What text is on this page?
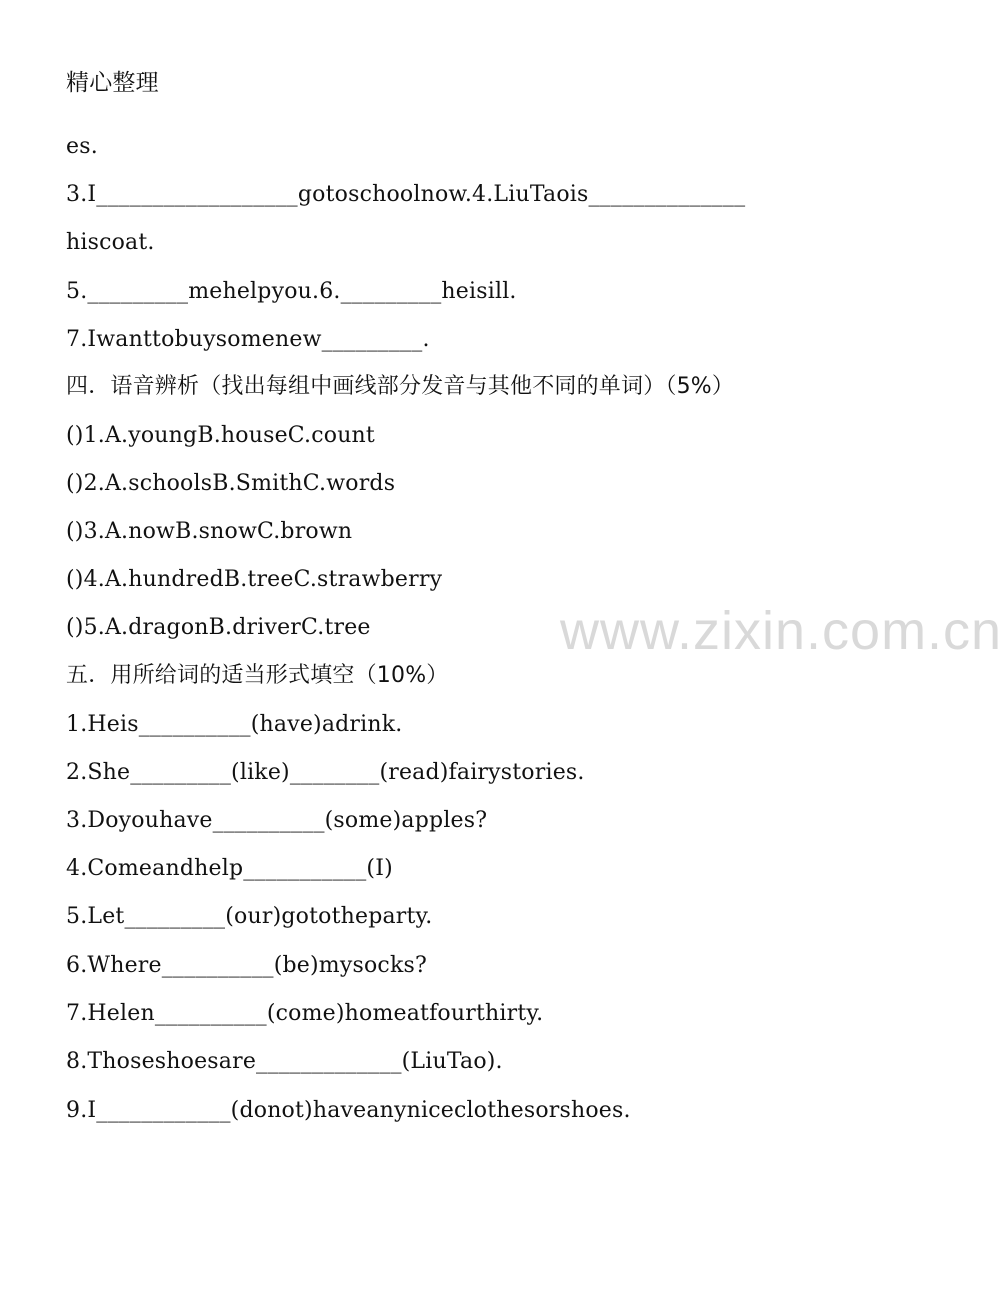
www.zixin.com.cn
精心整理
es.
3.I__________________gotoschoolnow.4.LiuTaois______________
hiscoat.
5._________mehelpyou.6._________heisill.
7.Iwanttobuysomenew_________.
四．语音辨析（找出每组中画线部分发音与其他不同的单词）（5%）
()1.A.youngB.houseC.count
()2.A.schoolsB.SmithC.words
()3.A.nowB.snowC.brown
()4.A.hundredB.treeC.strawberry
()5.A.dragonB.driverC.tree
五．用所给词的适当形式填空（10%）
1.Heis__________(have)adrink.
2.She_________(like)________(read)fairystories.
3.Doyouhave__________(some)apples?
4.Comeandhelp___________(I)
5.Let_________(our)gototheparty.
6.Where__________(be)mysocks?
7.Helen__________(come)homeatfourthirty.
8.Thoseshoesare_____________(LiuTao).
9.I____________(donot)haveanyniceclothesorshoes.
